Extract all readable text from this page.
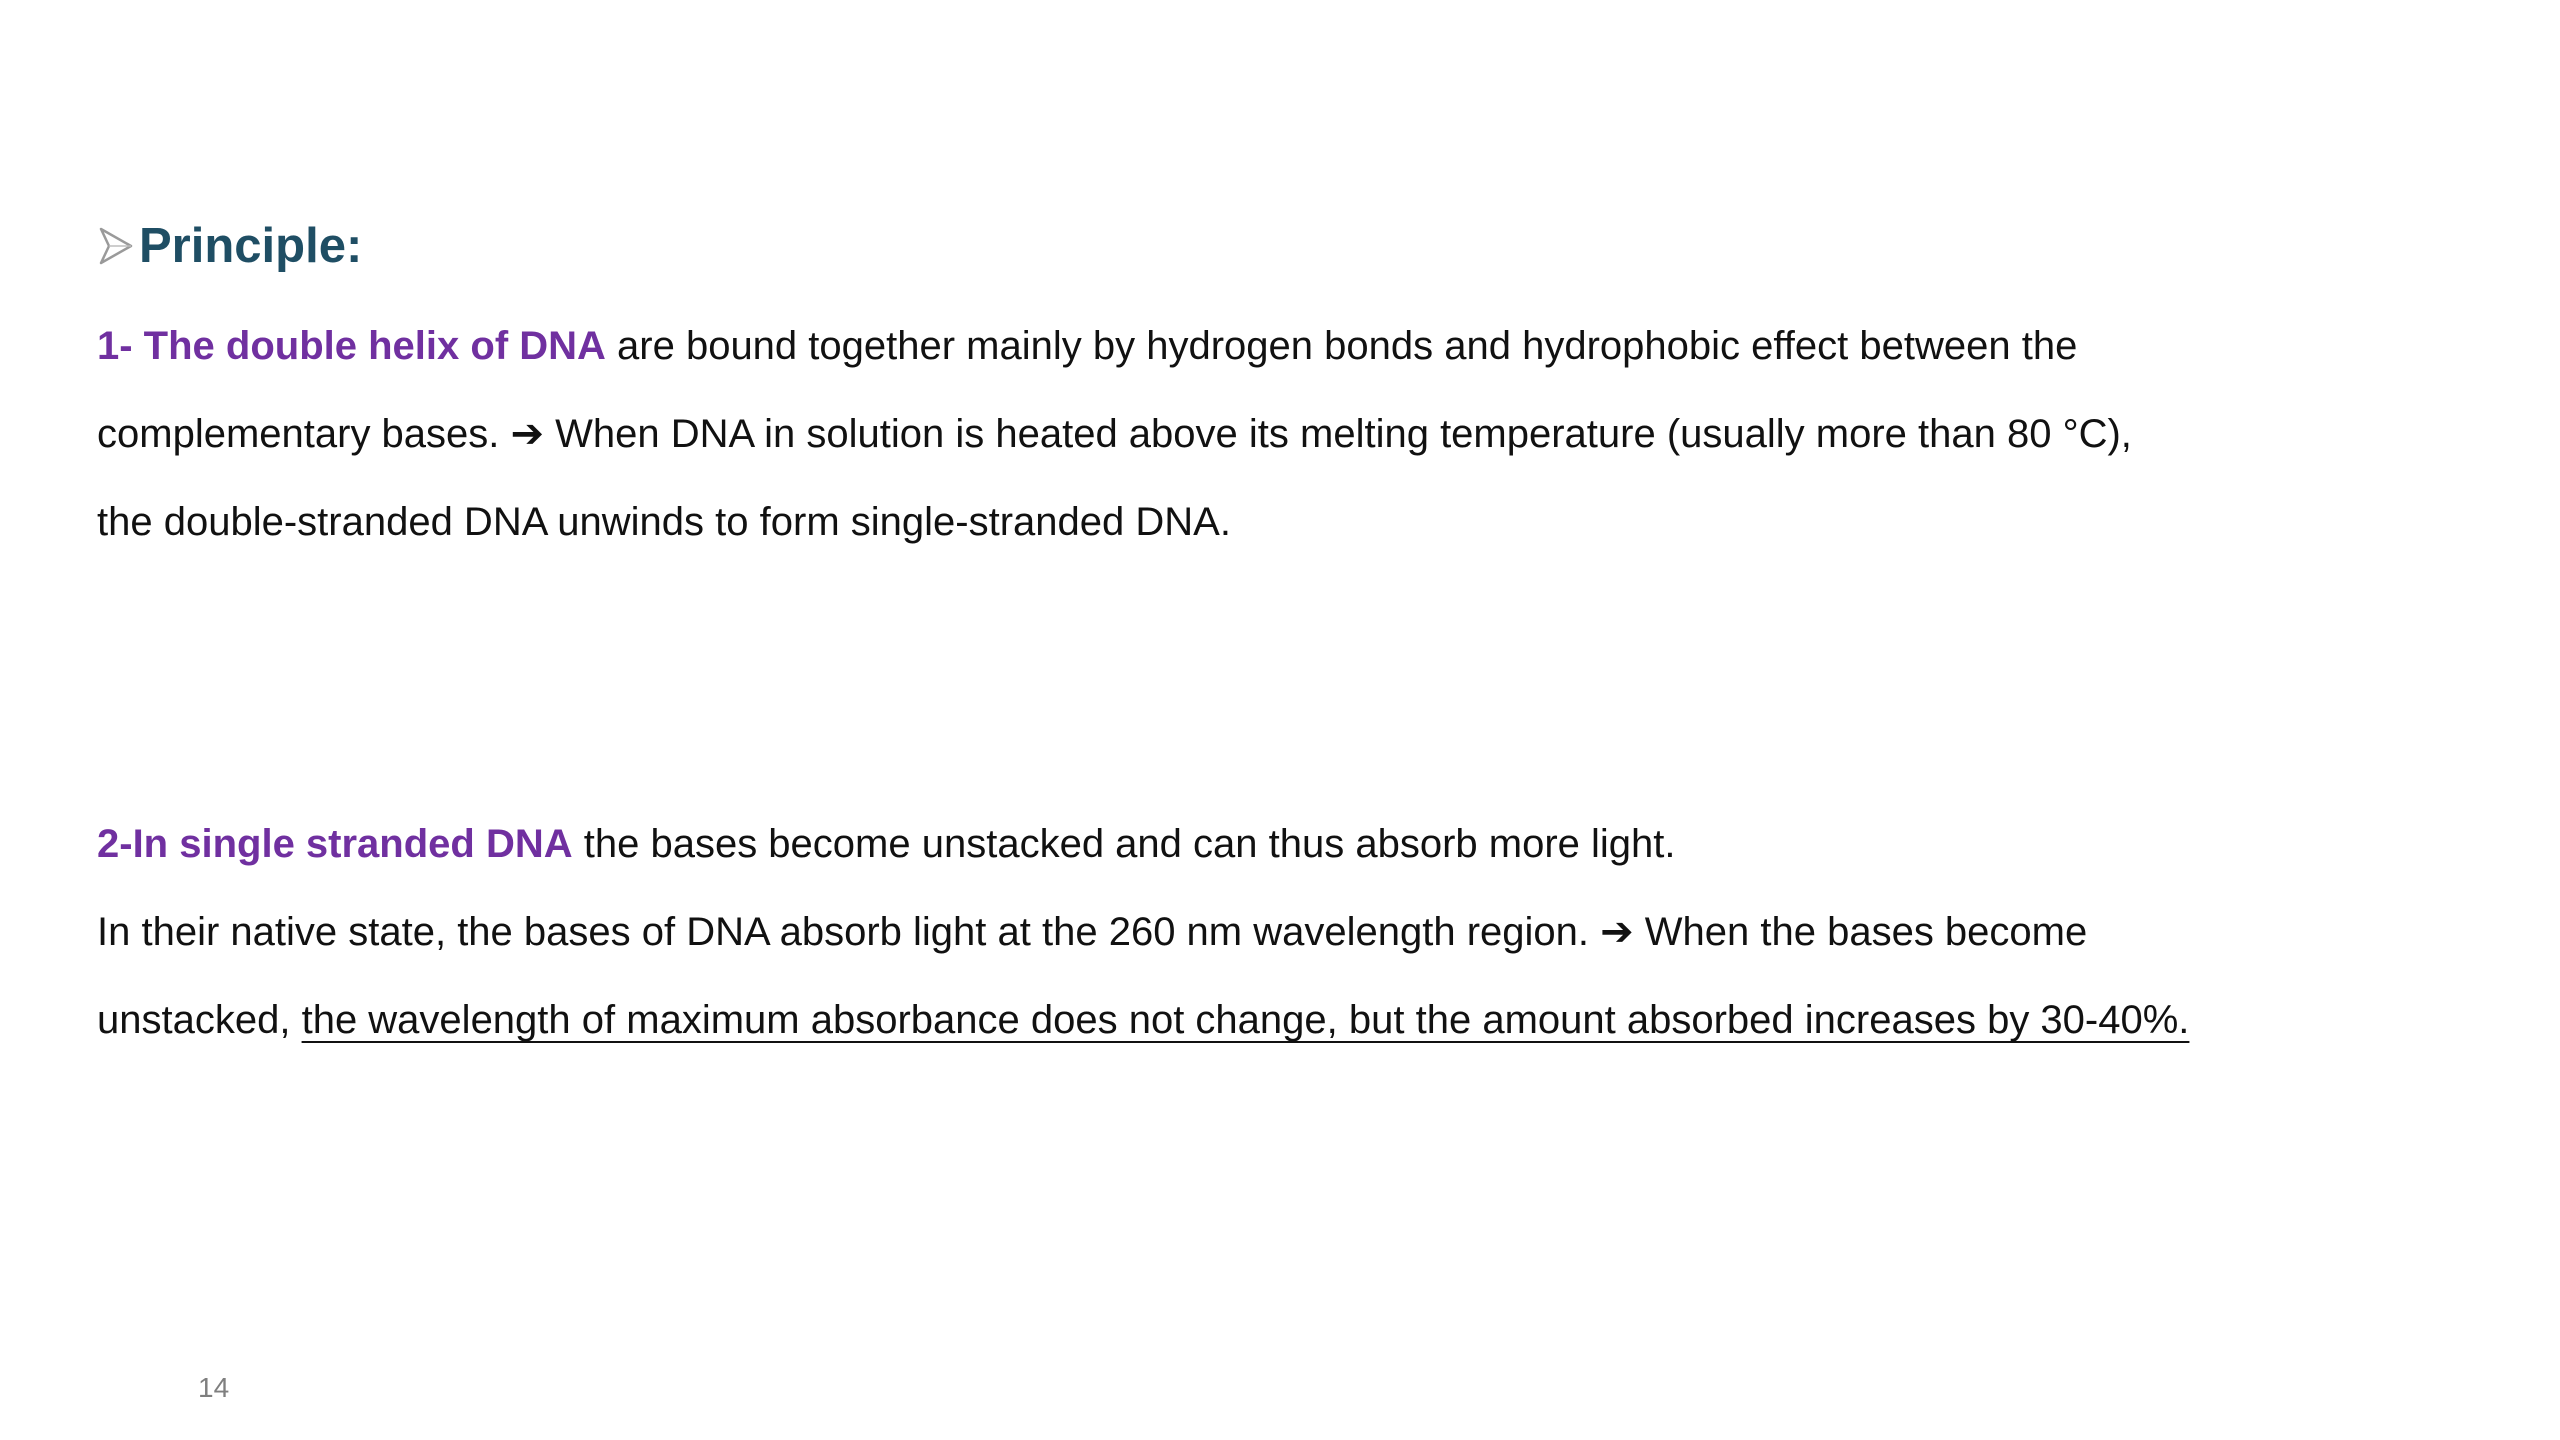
Principle:
1- The double helix of DNA are bound together mainly by hydrogen bonds and hydrophobic effect between the
complementary bases. ➔ When DNA in solution is heated above its melting temperature (usually more than 80 °C),
the double-stranded DNA unwinds to form single-stranded DNA.
2-In single stranded DNA the bases become unstacked and can thus absorb more light.
In their native state, the bases of DNA absorb light at the 260 nm wavelength region. ➔ When the bases become
unstacked, the wavelength of maximum absorbance does not change, but the amount absorbed increases by 30-40%.
14
